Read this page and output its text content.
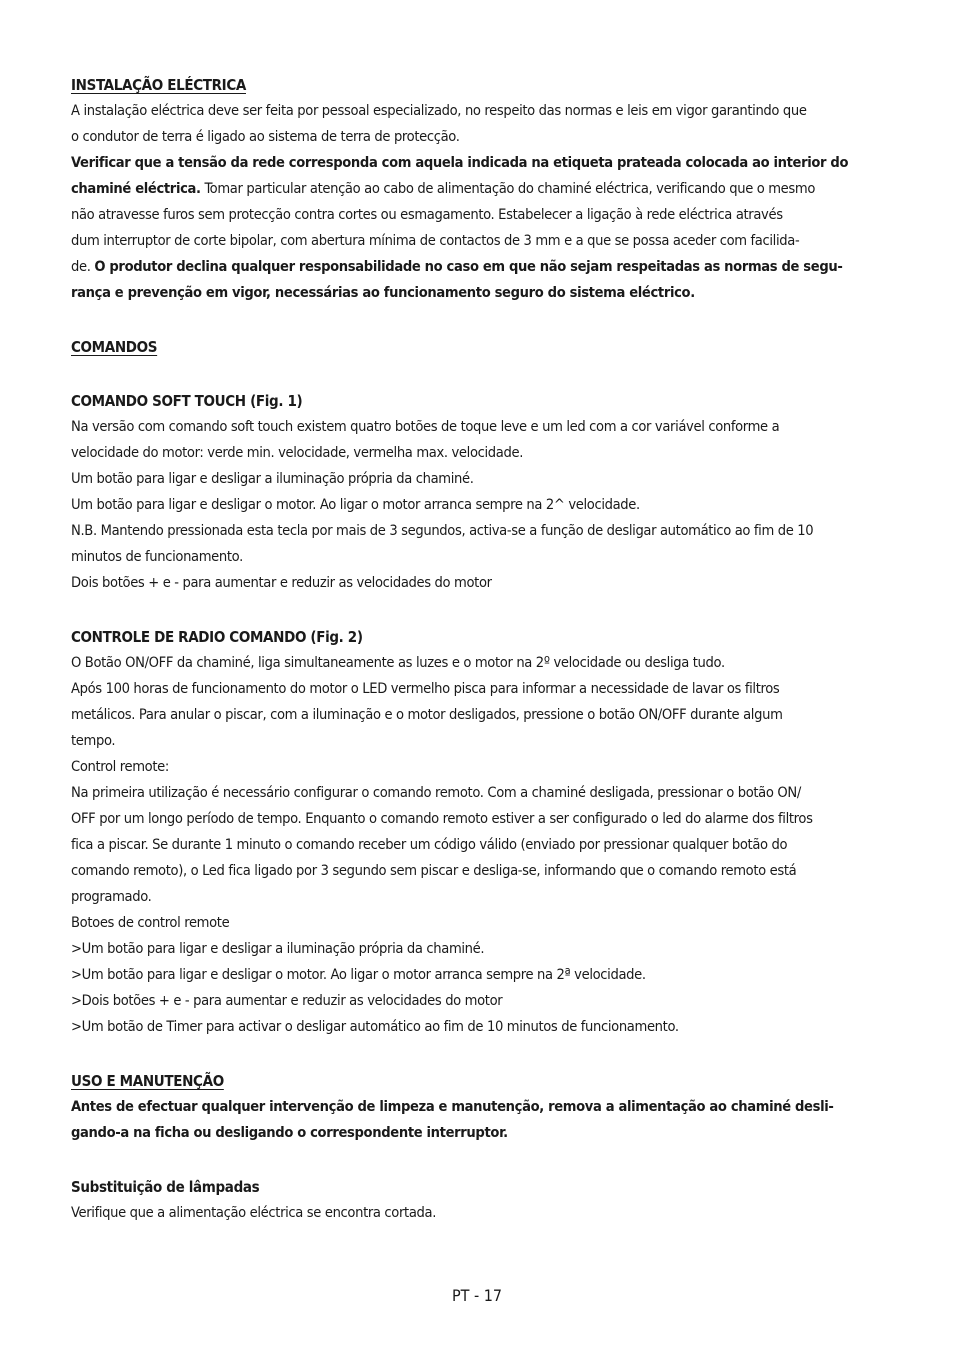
INSTALAÇÃO ELÉCTRICA

A instalação eléctrica deve ser feita por pessoal especializado, no respeito das normas e leis em vigor garantindo que

o condutor de terra é ligado ao sistema de terra de protecção.

Verificar que a tensão da rede corresponda com aquela indicada na etiqueta prateada colocada ao interior do

chaminé eléctrica. Tomar particular atenção ao cabo de alimentação do chaminé eléctrica, verificando que o mesmo

não atravesse furos sem protecção contra cortes ou esmagamento. Estabelecer a ligação à rede eléctrica através

dum interruptor de corte bipolar, com abertura mínima de contactos de 3 mm e a que se possa aceder com facilida-

de. O produtor declina qualquer responsabilidade no caso em que não sejam respeitadas as normas de segu-

rança e prevenção em vigor, necessárias ao funcionamento seguro do sistema eléctrico.

COMANDOS

COMANDO SOFT TOUCH (Fig. 1)

Na versão com comando soft touch existem quatro botões de toque leve e um led com a cor variável conforme a

velocidade do motor: verde min. velocidade, vermelha max. velocidade.

Um botão para ligar e desligar a iluminação própria da chaminé.

Um botão para ligar e desligar o motor. Ao ligar o motor arranca sempre na 2^ velocidade.

N.B. Mantendo pressionada esta tecla por mais de 3 segundos, activa-se a função de desligar automático ao fim de 10

minutos de funcionamento.

Dois botões + e - para aumentar e reduzir as velocidades do motor

CONTROLE DE RADIO COMANDO (Fig. 2)

O Botão ON/OFF da chaminé, liga simultaneamente as luzes e o motor na 2º velocidade ou desliga tudo.

Após 100 horas de funcionamento do motor o LED vermelho pisca para informar a necessidade de lavar os filtros

metálicos. Para anular o piscar, com a iluminação e o motor desligados, pressione o botão ON/OFF durante algum

tempo.

Control remote:

Na primeira utilização é necessário configurar o comando remoto. Com a chaminé desligada, pressionar o botão ON/

OFF por um longo período de tempo. Enquanto o comando remoto estiver a ser configurado o led do alarme dos filtros

fica a piscar. Se durante 1 minuto o comando receber um código válido (enviado por pressionar qualquer botão do

comando remoto), o Led fica ligado por 3 segundo sem piscar e desliga-se, informando que o comando remoto está

programado.

Botoes de control remote

>Um botão para ligar e desligar a iluminação própria da chaminé.

>Um botão para ligar e desligar o motor. Ao ligar o motor arranca sempre na 2ª velocidade.

>Dois botões + e - para aumentar e reduzir as velocidades do motor

>Um botão de Timer para activar o desligar automático ao fim de 10 minutos de funcionamento.

USO E MANUTENÇÃO

Antes de efectuar qualquer intervenção de limpeza e manutenção, remova a alimentação ao chaminé desli-

gando-a na ficha ou desligando o correspondente interruptor.

Substituição de lâmpadas

Verifique que a alimentação eléctrica se encontra cortada.

PT - 17
